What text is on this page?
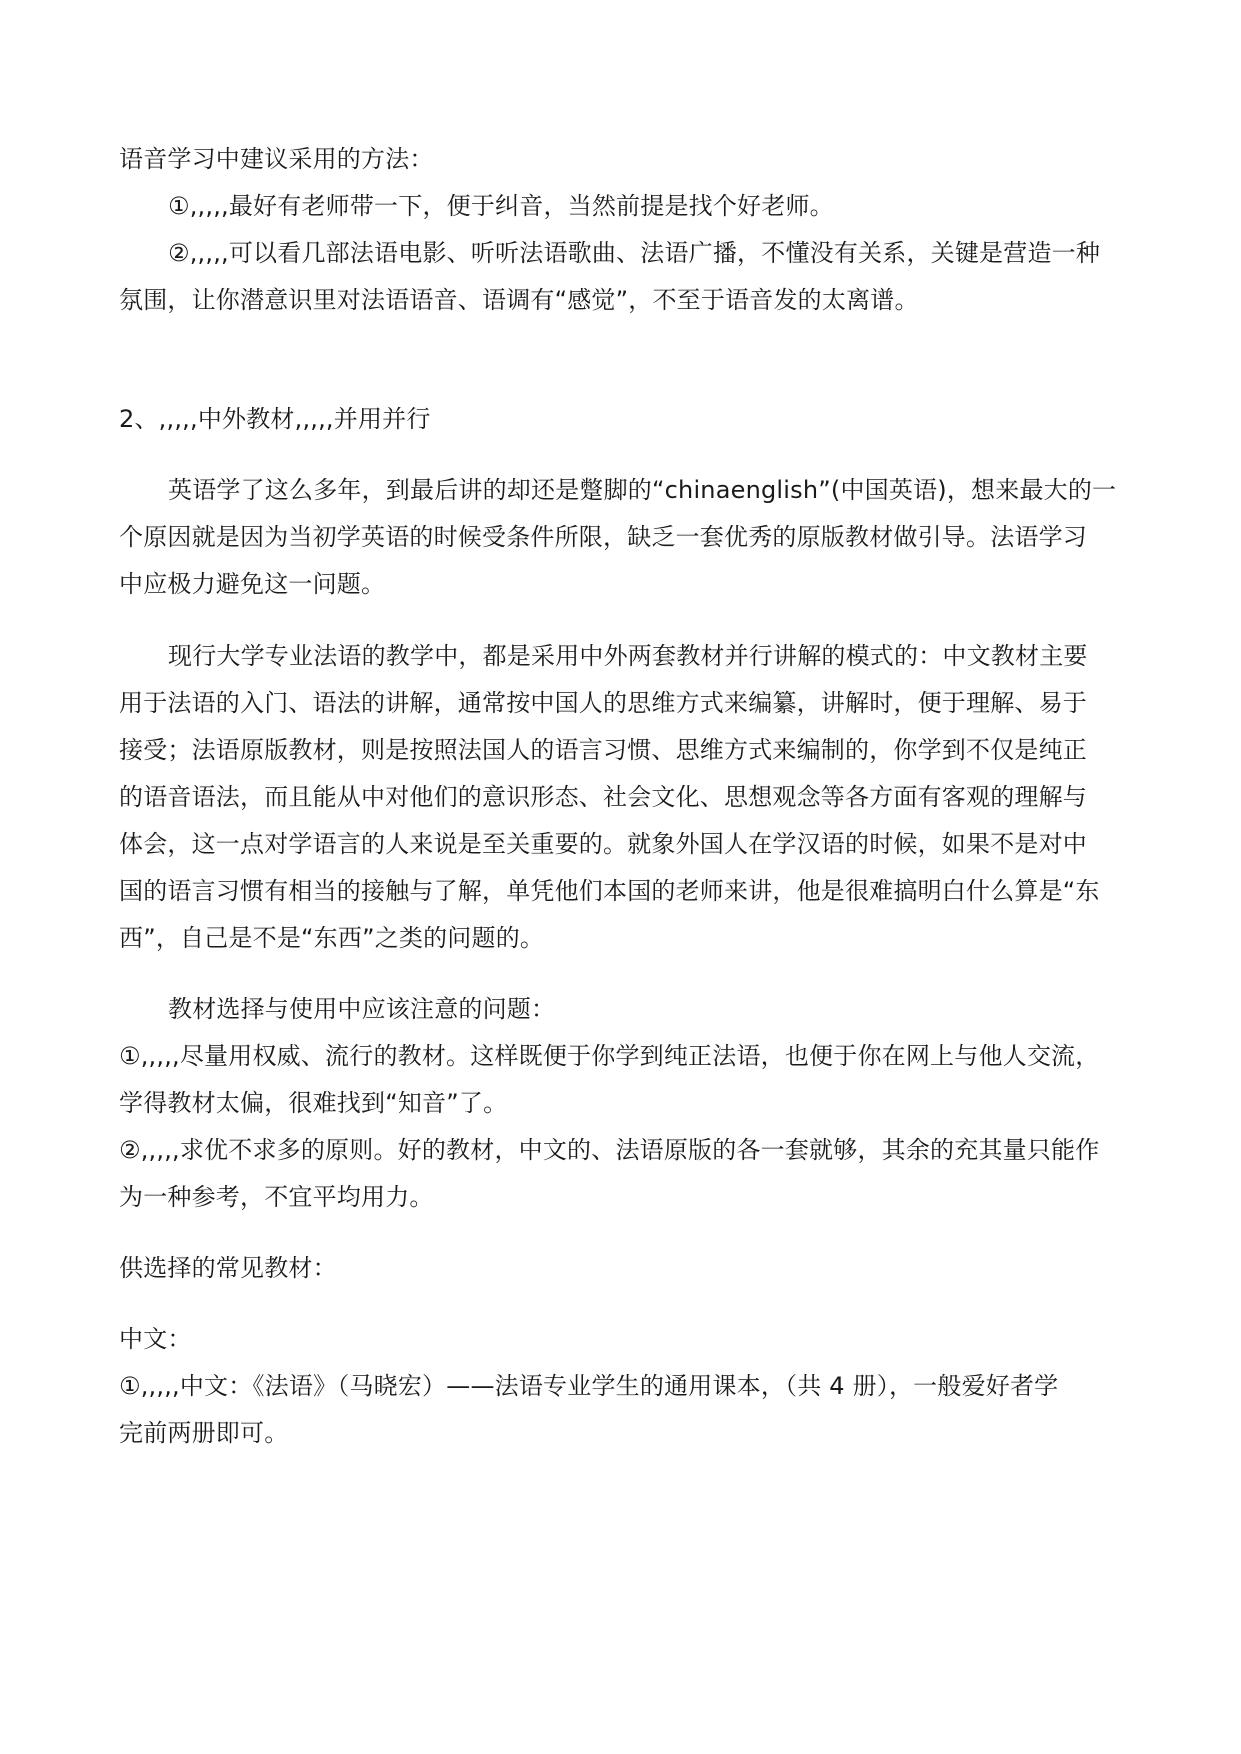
语音学习中建议采用的方法：

①,,,,,最好有老师带一下，便于纠音，当然前提是找个好老师。

②,,,,,可以看几部法语电影、听听法语歌曲、法语广播，不懂没有关系，关键是营造一种

氛围，让你潜意识里对法语语音、语调有“感觉”，不至于语音发的太离谱。

2、,,,,,中外教材,,,,,并用并行

英语学了这么多年，到最后讲的却还是蹩脚的“chinaenglish”(中国英语)，想来最大的一

个原因就是因为当初学英语的时候受条件所限，缺乏一套优秀的原版教材做引导。法语学习

中应极力避免这一问题。

现行大学专业法语的教学中，都是采用中外两套教材并行讲解的模式的：中文教材主要

用于法语的入门、语法的讲解，通常按中国人的思维方式来编纂，讲解时，便于理解、易于

接受；法语原版教材，则是按照法国人的语言习惯、思维方式来编制的，你学到不仅是纯正

的语音语法，而且能从中对他们的意识形态、社会文化、思想观念等各方面有客观的理解与

体会，这一点对学语言的人来说是至关重要的。就象外国人在学汉语的时候，如果不是对中

国的语言习惯有相当的接触与了解，单凭他们本国的老师来讲，他是很难搞明白什么算是“东

西”，自己是不是“东西”之类的问题的。

教材选择与使用中应该注意的问题：

①,,,,,尽量用权威、流行的教材。这样既便于你学到纯正法语，也便于你在网上与他人交流，

学得教材太偏，很难找到“知音”了。

②,,,,,求优不求多的原则。好的教材，中文的、法语原版的各一套就够，其余的充其量只能作

为一种参考，不宜平均用力。

供选择的常见教材：

中文：

①,,,,,中文：《法语》（马晓宏）——法语专业学生的通用课本，（共 4 册），一般爱好者学

完前两册即可。
